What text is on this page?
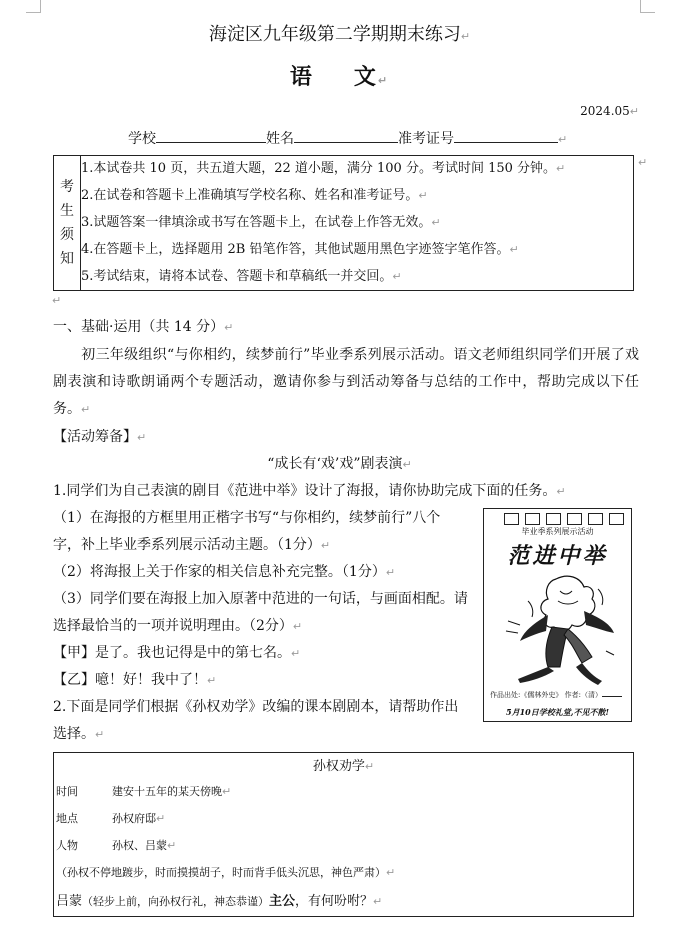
海淀区九年级第二学期期末练习↵
语 文↵
2024.05↵
学校	姓名	准考证号	↵
考
生
须
知
1.本试卷共 10 页，共五道大题，22 道小题，满分 100 分。考试时间 150 分钟。↵
2.在试卷和答题卡上准确填写学校名称、姓名和准考证号。↵
3.试题答案一律填涂或书写在答题卡上，在试卷上作答无效。↵
4.在答题卡上，选择题用 2B 铅笔作答，其他试题用黑色字迹签字笔作答。↵
5.考试结束，请将本试卷、答题卡和草稿纸一并交回。↵
↵
↵
一、基础·运用（共 14 分）↵
初三年级组织“与你相约，续梦前行”毕业季系列展示活动。语文老师组织同学们开展了戏剧表演和诗歌朗诵两个专题活动，邀请你参与到活动筹备与总结的工作中，帮助完成以下任务。↵
【活动筹备】↵
“成长有‘戏’戏”剧表演↵
1.同学们为自己表演的剧目《范进中举》设计了海报，请你协助完成下面的任务。↵
（1）在海报的方框里用正楷字书写“与你相约，续梦前行”八个
字，补上毕业季系列展示活动主题。（1分）↵
（2）将海报上关于作家的相关信息补充完整。（1分）↵
（3）同学们要在海报上加入原著中范进的一句话，与画面相配。请
选择最恰当的一项并说明理由。（2分）↵
【甲】是了。我也记得是中的第七名。↵
【乙】噫！好！我中了！↵
2.下面是同学们根据《孙权劝学》改编的课本剧剧本，请帮助作出
选择。↵
毕业季系列展示活动
范进中举
作品出处:《儒林外史》 作者:（清）
5月10日学校礼堂,不见不散!
孙权劝学↵
时间	建安十五年的某天傍晚↵
地点	孙权府邸↵
人物	孙权、吕蒙↵
（孙权不停地踱步，时而摸摸胡子，时而背手低头沉思，神色严肃）↵
吕蒙（轻步上前，向孙权行礼，神态恭谨）主公，有何吩咐？↵
